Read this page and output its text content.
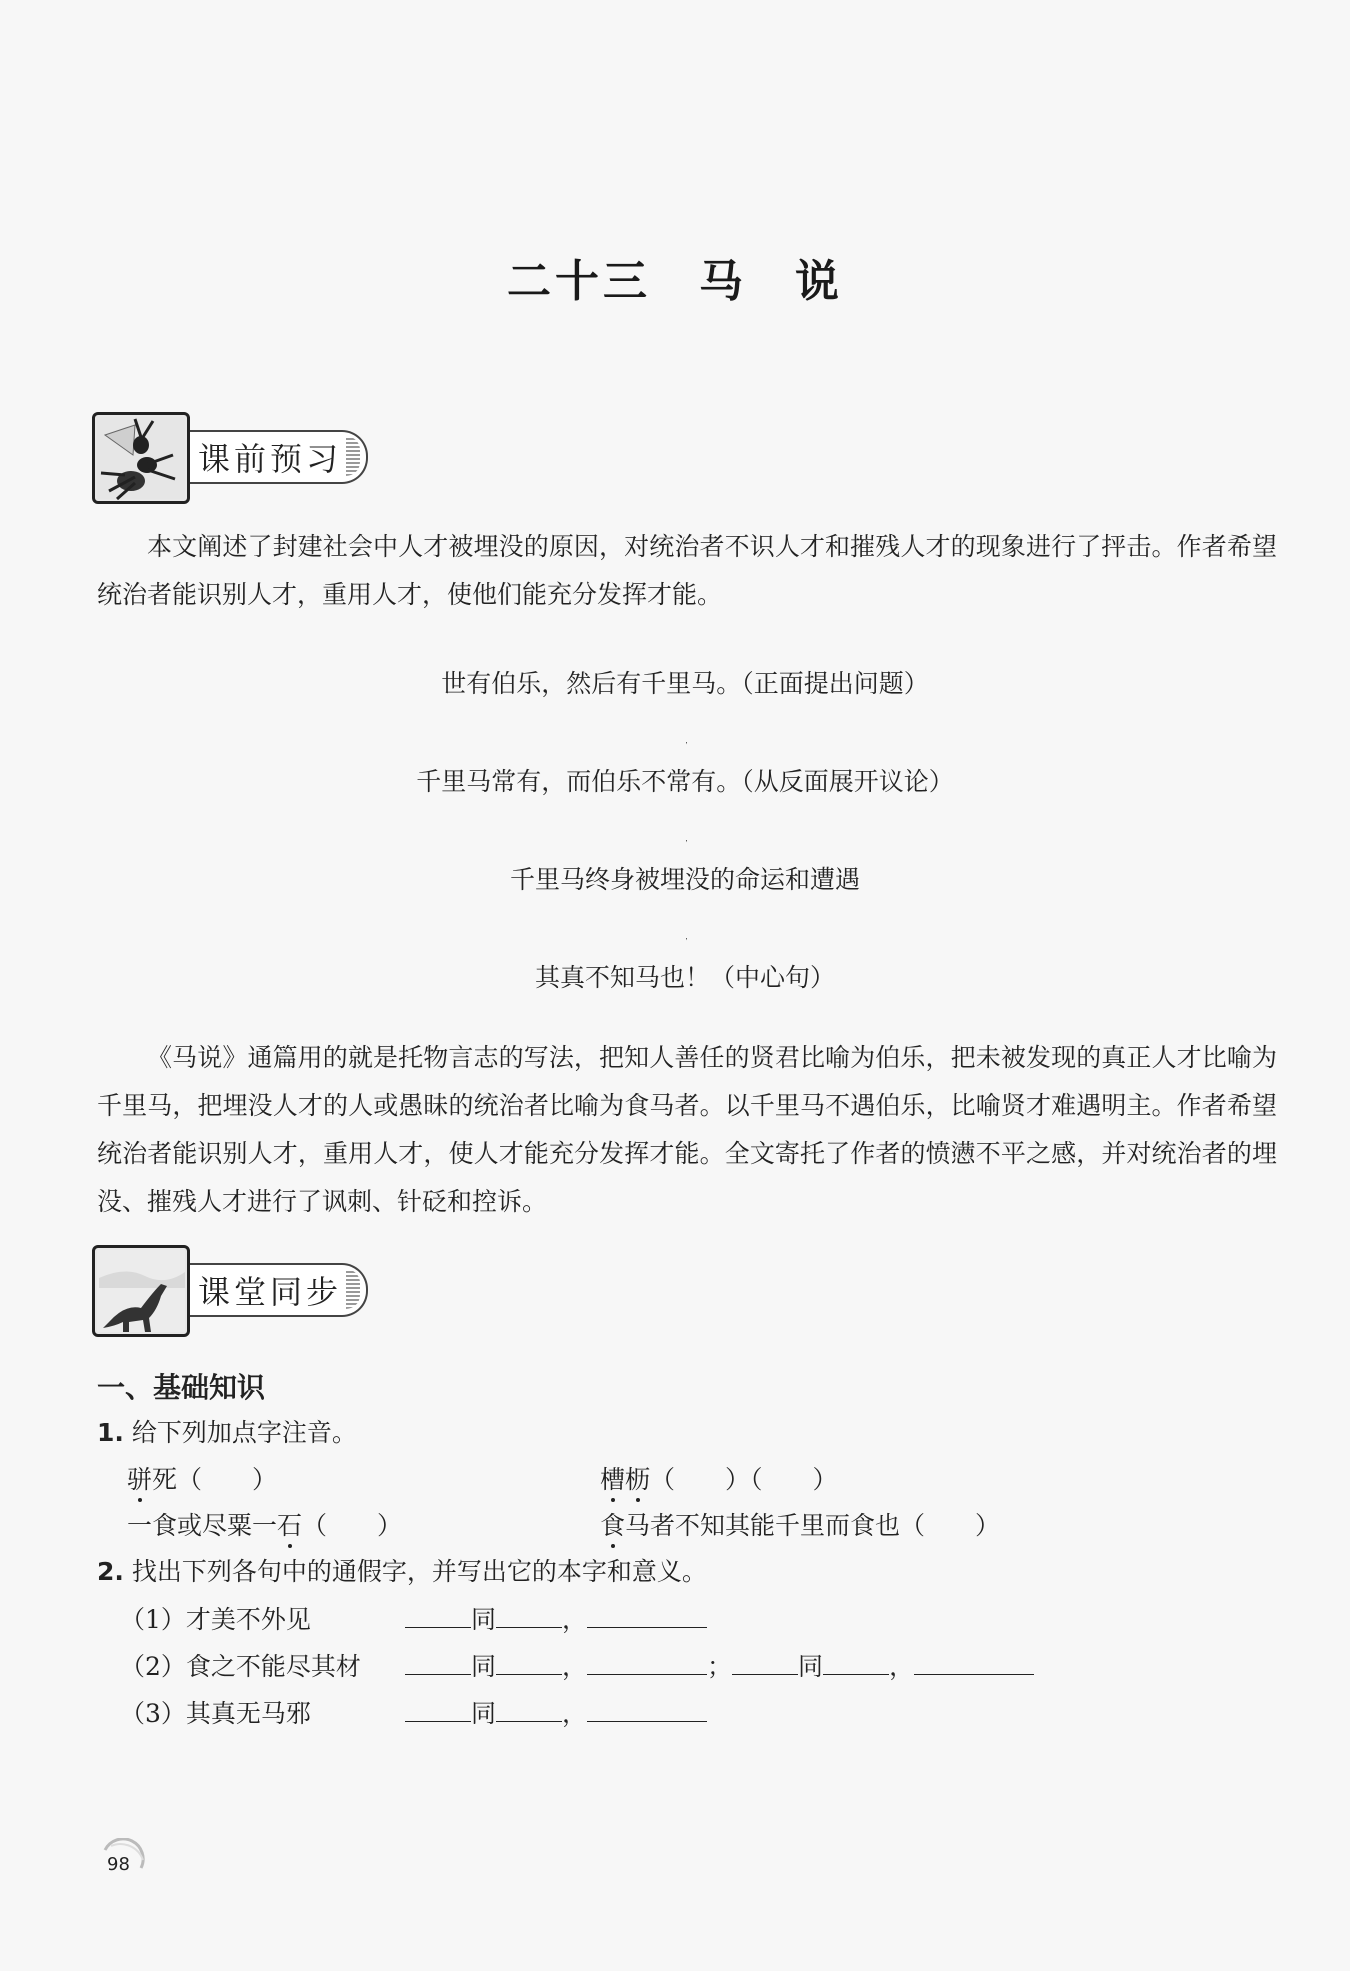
二十三 马 说
课前预习
本文阐述了封建社会中人才被埋没的原因，对统治者不识人才和摧残人才的现象进行了抨击。作者希望统治者能识别人才，重用人才，使他们能充分发挥才能。
世有伯乐，然后有千里马。（正面提出问题）
千里马常有，而伯乐不常有。（从反面展开议论）
千里马终身被埋没的命运和遭遇
其真不知马也！（中心句）
《马说》通篇用的就是托物言志的写法，把知人善任的贤君比喻为伯乐，把未被发现的真正人才比喻为千里马，把埋没人才的人或愚昧的统治者比喻为食马者。以千里马不遇伯乐，比喻贤才难遇明主。作者希望统治者能识别人才，重用人才，使人才能充分发挥才能。全文寄托了作者的愤懑不平之感，并对统治者的埋没、摧残人才进行了讽刺、针砭和控诉。
课堂同步
一、基础知识
1. 给下列加点字注音。
骈死（　　）	槽枥（　　）（　　）
一食或尽粟一石（　　）	食马者不知其能千里而食也（　　）
2. 找出下列各句中的通假字，并写出它的本字和意义。
（1）才美不外见	同	，
（2）食之不能尽其材	同	，	；	同	，
（3）其真无马邪	同	，
98
